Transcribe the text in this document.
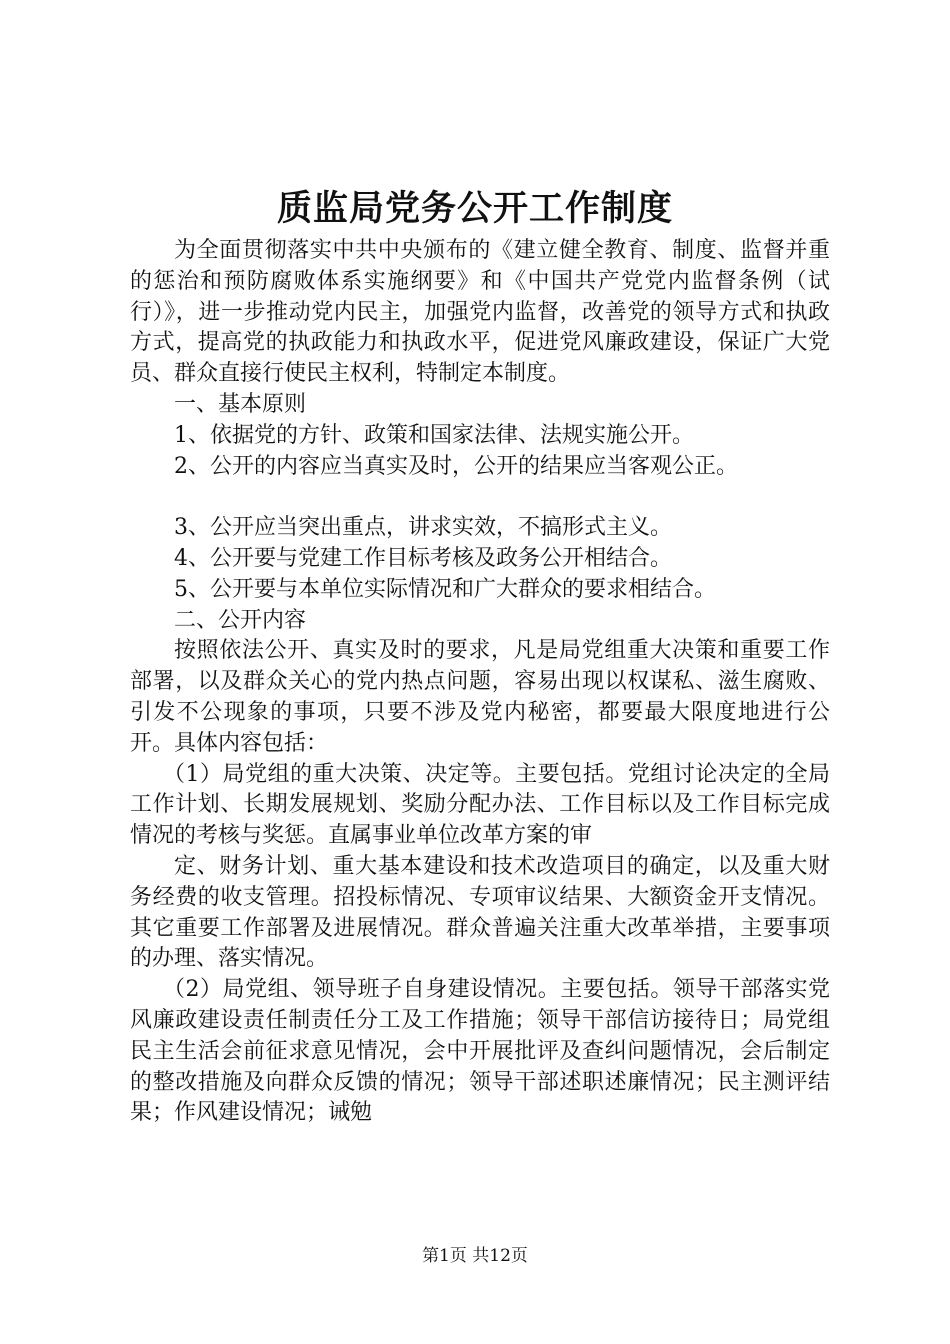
质监局党务公开工作制度

为全面贯彻落实中共中央颁布的《建立健全教育、制度、监督并重的惩治和预防腐败体系实施纲要》和《中国共产党党内监督条例（试行）》，进一步推动党内民主，加强党内监督，改善党的领导方式和执政方式，提高党的执政能力和执政水平，促进党风廉政建设，保证广大党员、群众直接行使民主权利，特制定本制度。

一、基本原则

1、依据党的方针、政策和国家法律、法规实施公开。

2、公开的内容应当真实及时，公开的结果应当客观公正。

3、公开应当突出重点，讲求实效，不搞形式主义。

4、公开要与党建工作目标考核及政务公开相结合。

5、公开要与本单位实际情况和广大群众的要求相结合。

二、公开内容

按照依法公开、真实及时的要求，凡是局党组重大决策和重要工作部署，以及群众关心的党内热点问题，容易出现以权谋私、滋生腐败、引发不公现象的事项，只要不涉及党内秘密，都要最大限度地进行公开。具体内容包括：

（1）局党组的重大决策、决定等。主要包括。党组讨论决定的全局工作计划、长期发展规划、奖励分配办法、工作目标以及工作目标完成情况的考核与奖惩。直属事业单位改革方案的审

定、财务计划、重大基本建设和技术改造项目的确定，以及重大财务经费的收支管理。招投标情况、专项审议结果、大额资金开支情况。其它重要工作部署及进展情况。群众普遍关注重大改革举措，主要事项的办理、落实情况。

（2）局党组、领导班子自身建设情况。主要包括。领导干部落实党风廉政建设责任制责任分工及工作措施；领导干部信访接待日；局党组民主生活会前征求意见情况，会中开展批评及查纠问题情况，会后制定的整改措施及向群众反馈的情况；领导干部述职述廉情况；民主测评结果；作风建设情况；诫勉

第1页 共12页
